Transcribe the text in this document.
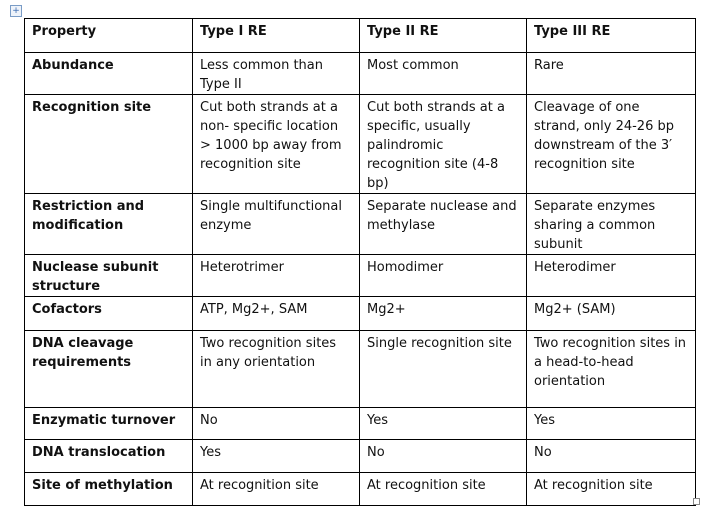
+
Property	Type I RE	Type II RE	Type III RE
Abundance	Less common than Type II	Most common	Rare
Recognition site	Cut both strands at a non- specific location > 1000 bp away from recognition site	Cut both strands at a specific, usually palindromic recognition site (4-8 bp)	Cleavage of one strand, only 24-26 bp downstream of the 3′ recognition site
Restriction and modification	Single multifunctional enzyme	Separate nuclease and methylase	Separate enzymes sharing a common subunit
Nuclease subunit structure	Heterotrimer	Homodimer	Heterodimer
Cofactors	ATP, Mg2+, SAM	Mg2+	Mg2+ (SAM)
DNA cleavage requirements	Two recognition sites in any orientation	Single recognition site	Two recognition sites in a head-to-head orientation
Enzymatic turnover	No	Yes	Yes
DNA translocation	Yes	No	No
Site of methylation	At recognition site	At recognition site	At recognition site
